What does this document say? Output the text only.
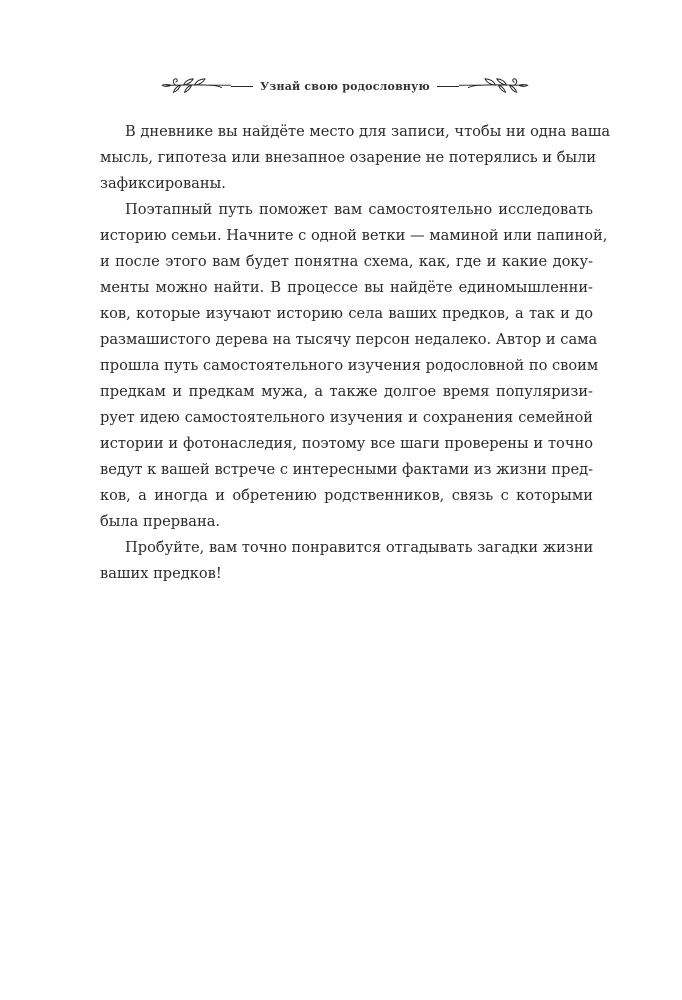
Узнай свою родословную
В дневнике вы найдёте место для записи, чтобы ни одна ваша
мысль, гипотеза или внезапное озарение не потерялись и были
зафиксированы.
Поэтапный путь поможет вам самостоятельно исследовать
историю семьи. Начните с одной ветки — маминой или папиной,
и после этого вам будет понятна схема, как, где и какие доку-
менты можно найти. В процессе вы найдёте единомышленни-
ков, которые изучают историю села ваших предков, а так и до
размашистого дерева на тысячу персон недалеко. Автор и сама
прошла путь самостоятельного изучения родословной по своим
предкам и предкам мужа, а также долгое время популяризи-
рует идею самостоятельного изучения и сохранения семейной
истории и фотонаследия, поэтому все шаги проверены и точно
ведут к вашей встрече с интересными фактами из жизни пред-
ков, а иногда и обретению родственников, связь с которыми
была прервана.
Пробуйте, вам точно понравится отгадывать загадки жизни
ваших предков!
